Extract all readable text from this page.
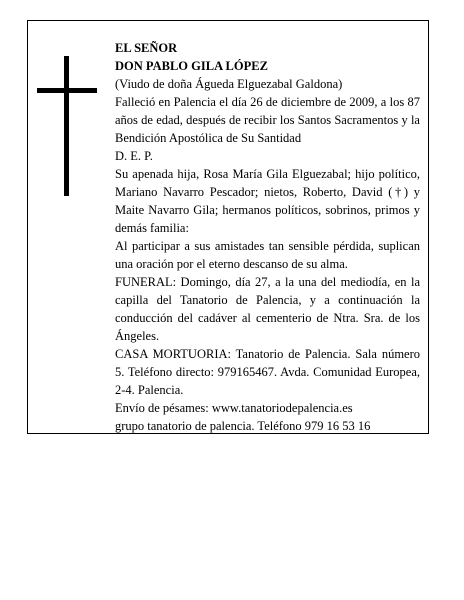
EL SEÑOR

DON PABLO GILA LÓPEZ

(Viudo de doña Águeda Elguezabal Galdona)

Falleció en Palencia el día 26 de diciembre de 2009, a los 87 años de edad, después de recibir los Santos Sacramentos y la Bendición Apostólica de Su Santidad

D. E. P.

Su apenada hija, Rosa María Gila Elguezabal; hijo político, Mariano Navarro Pescador; nietos, Roberto, David (†) y Maite Navarro Gila; hermanos políticos, sobrinos, primos y demás familia:

Al participar a sus amistades tan sensible pérdida, suplican una oración por el eterno descanso de su alma.

FUNERAL: Domingo, día 27, a la una del mediodía, en la capilla del Tanatorio de Palencia, y a continuación la conducción del cadáver al cementerio de Ntra. Sra. de los Ángeles.

CASA MORTUORIA: Tanatorio de Palencia. Sala número 5. Teléfono directo: 979165467. Avda. Comunidad Europea, 2-4. Palencia.

Envío de pésames: www.tanatoriodepalencia.es

grupo tanatorio de palencia. Teléfono 979 16 53 16
